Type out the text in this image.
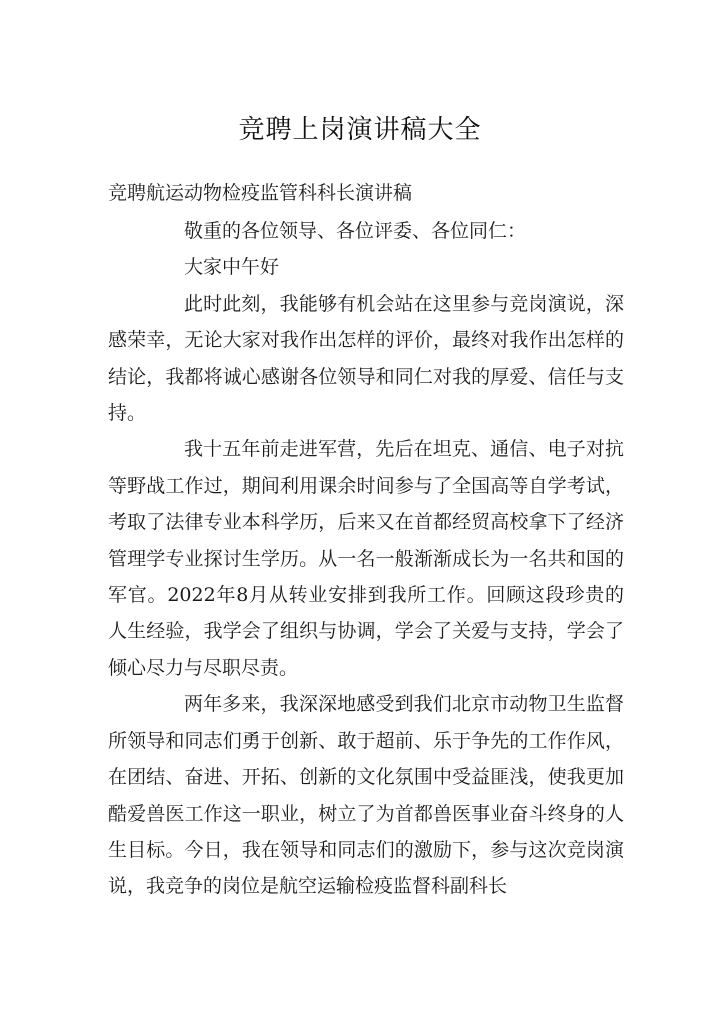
竞聘上岗演讲稿大全
竞聘航运动物检疫监管科科长演讲稿

敬重的各位领导、各位评委、各位同仁：

大家中午好

此时此刻，我能够有机会站在这里参与竞岗演说，深感荣幸，无论大家对我作出怎样的评价，最终对我作出怎样的结论，我都将诚心感谢各位领导和同仁对我的厚爱、信任与支持。

我十五年前走进军营，先后在坦克、通信、电子对抗等野战工作过，期间利用课余时间参与了全国高等自学考试，考取了法律专业本科学历，后来又在首都经贸高校拿下了经济管理学专业探讨生学历。从一名一般渐渐成长为一名共和国的军官。2022年8月从转业安排到我所工作。回顾这段珍贵的人生经验，我学会了组织与协调，学会了关爱与支持，学会了倾心尽力与尽职尽责。

两年多来，我深深地感受到我们北京市动物卫生监督所领导和同志们勇于创新、敢于超前、乐于争先的工作作风，在团结、奋进、开拓、创新的文化氛围中受益匪浅，使我更加酷爱兽医工作这一职业，树立了为首都兽医事业奋斗终身的人生目标。今日，我在领导和同志们的激励下，参与这次竞岗演说，我竞争的岗位是航空运输检疫监督科副科长
